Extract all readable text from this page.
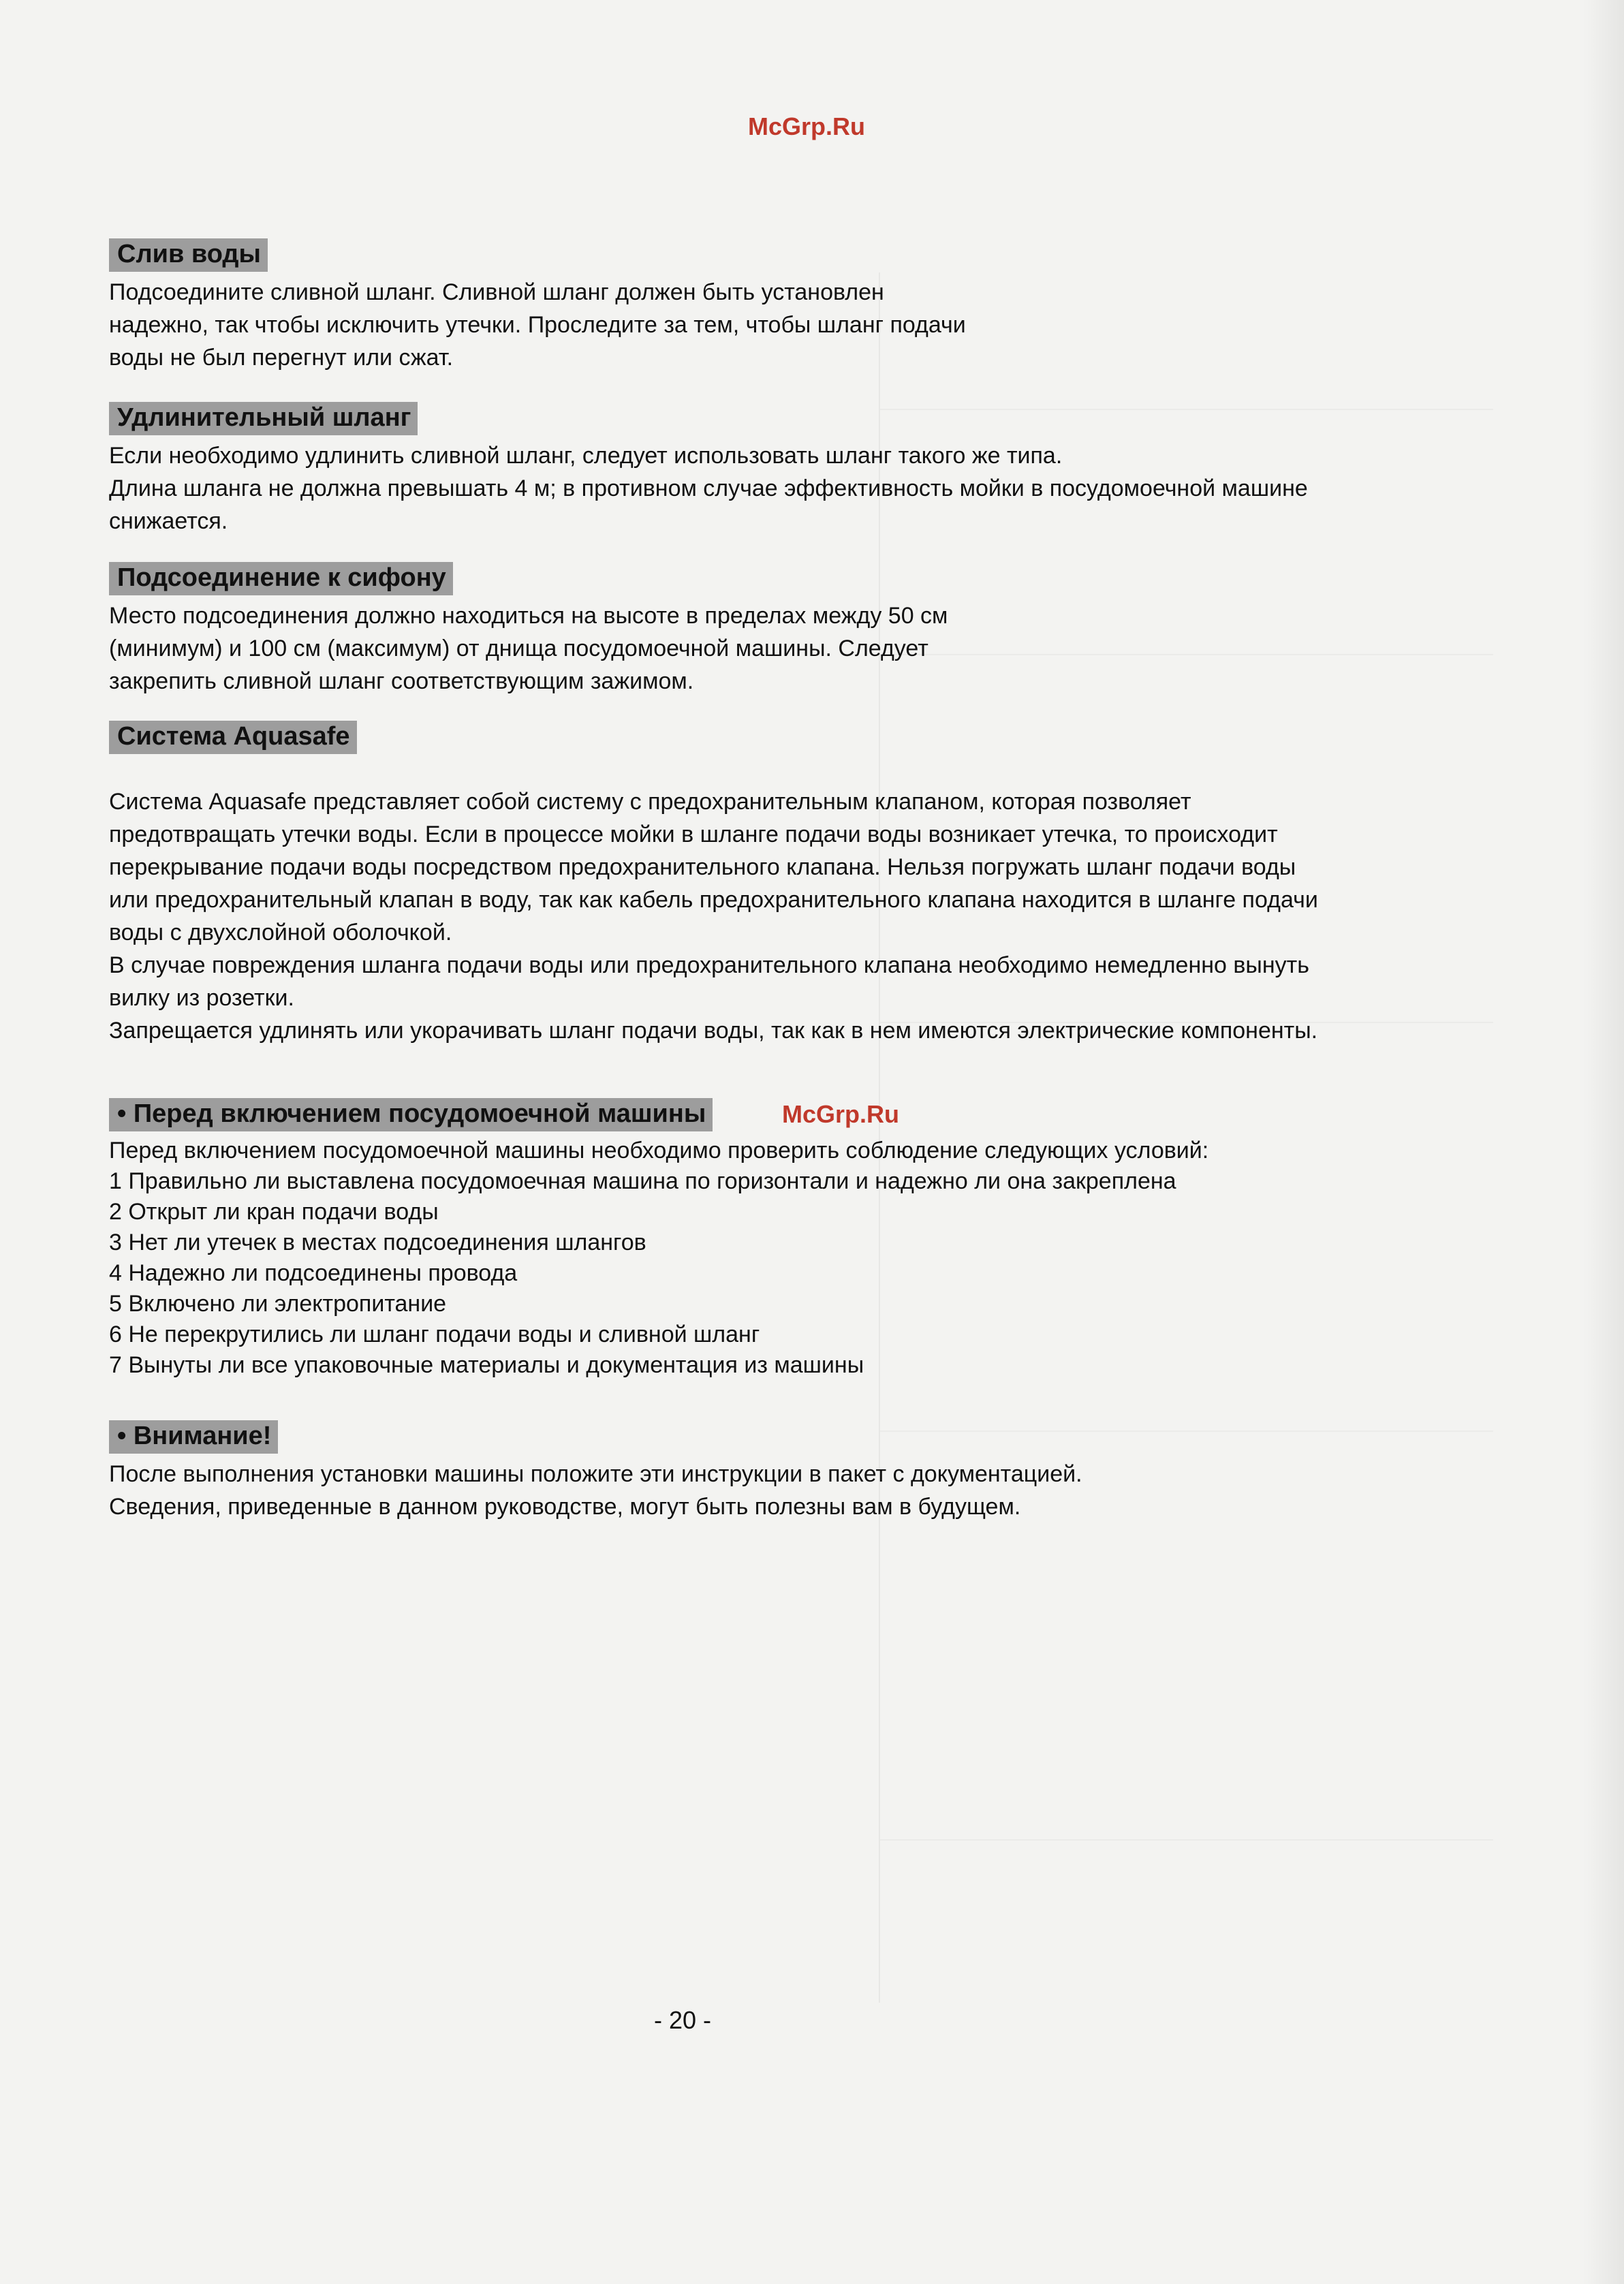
McGrp.Ru
McGrp.Ru
Слив воды

Подсоедините сливной шланг. Сливной шланг должен быть установлен

надежно, так чтобы исключить утечки. Проследите за тем, чтобы шланг подачи

воды не был перегнут или сжат.

Удлинительный шланг

Если необходимо удлинить сливной шланг, следует использовать шланг такого же типа.

Длина шланга не должна превышать 4 м; в противном случае эффективность мойки в посудомоечной машине

снижается.

Подсоединение к сифону

Место подсоединения должно находиться на высоте в пределах между 50 см

(минимум) и 100 см (максимум) от днища посудомоечной машины. Следует

закрепить сливной шланг соответствующим зажимом.

Система Aquasafe

Система Aquasafe представляет собой систему с предохранительным клапаном, которая позволяет

предотвращать утечки воды. Если в процессе мойки в шланге подачи воды возникает утечка, то происходит

перекрывание подачи воды посредством предохранительного клапана. Нельзя погружать шланг подачи воды

или предохранительный клапан в воду, так как кабель предохранительного клапана находится в шланге подачи

воды с двухслойной оболочкой.

В случае повреждения шланга подачи воды или предохранительного клапана необходимо немедленно вынуть

вилку из розетки.

Запрещается удлинять или укорачивать шланг подачи воды, так как в нем имеются электрические компоненты.

• Перед включением посудомоечной машины

Перед включением посудомоечной машины необходимо проверить соблюдение следующих условий:

1 Правильно ли выставлена посудомоечная машина по горизонтали и надежно ли она закреплена

2 Открыт ли кран подачи воды

3 Нет ли утечек в местах подсоединения шлангов

4 Надежно ли подсоединены провода

5 Включено ли электропитание

6 Не перекрутились ли шланг подачи воды и сливной шланг

7 Вынуты ли все упаковочные материалы и документация из машины

• Внимание!

После выполнения установки машины положите эти инструкции в пакет с документацией.

Сведения, приведенные в данном руководстве, могут быть полезны вам в будущем.

- 20 -
